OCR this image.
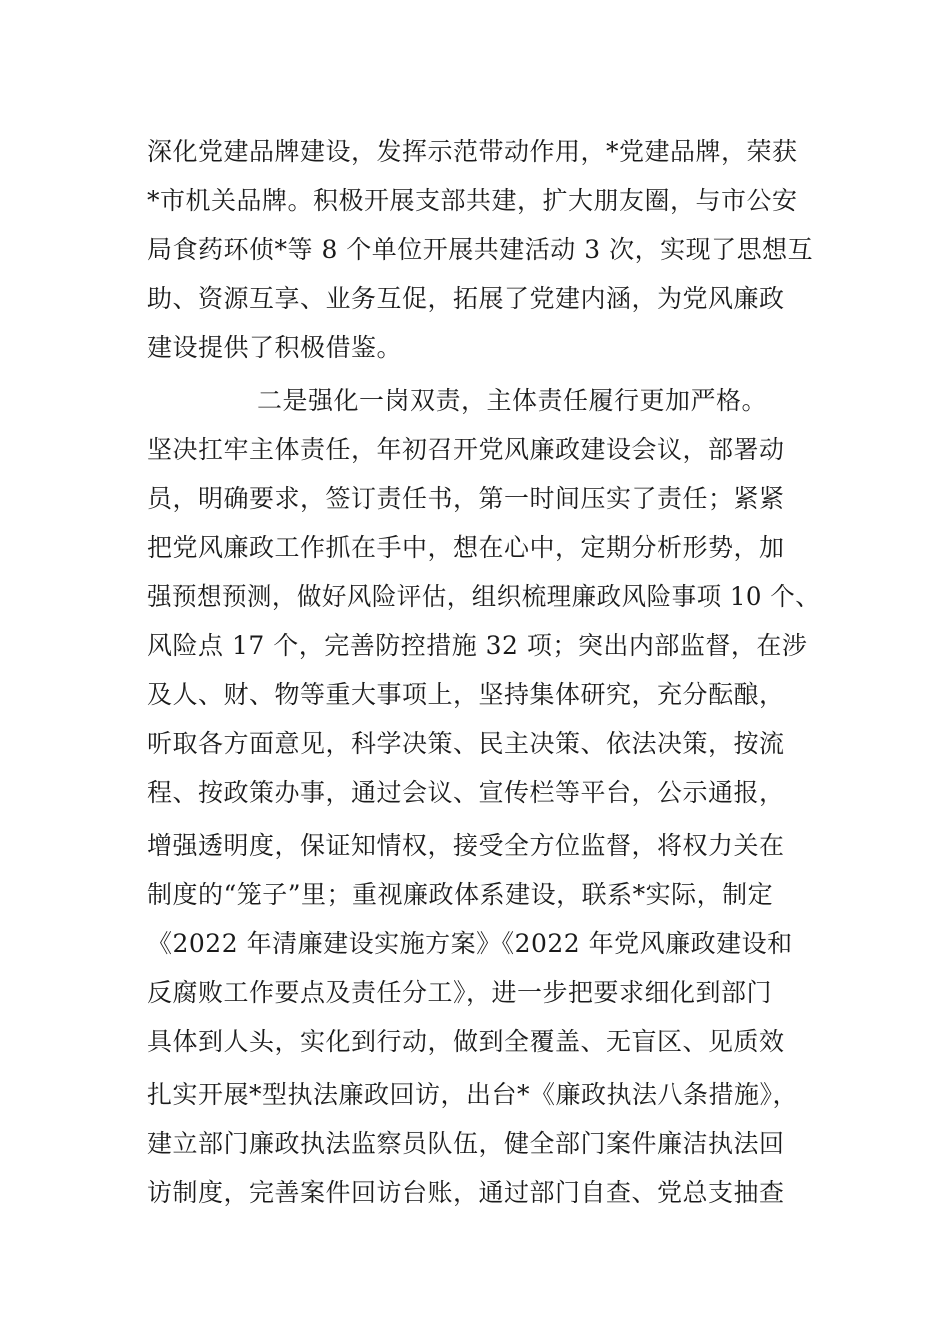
深化党建品牌建设，发挥示范带动作用，*党建品牌，荣获
*市机关品牌。积极开展支部共建，扩大朋友圈，与市公安
局食药环侦*等 8 个单位开展共建活动 3 次，实现了思想互
助、资源互享、业务互促，拓展了党建内涵，为党风廉政
建设提供了积极借鉴。
二是强化一岗双责，主体责任履行更加严格。
坚决扛牢主体责任，年初召开党风廉政建设会议，部署动
员，明确要求，签订责任书，第一时间压实了责任；紧紧
把党风廉政工作抓在手中，想在心中，定期分析形势，加
强预想预测，做好风险评估，组织梳理廉政风险事项 10 个、
风险点 17 个，完善防控措施 32 项；突出内部监督，在涉
及人、财、物等重大事项上，坚持集体研究，充分酝酿，
听取各方面意见，科学决策、民主决策、依法决策，按流
程、按政策办事，通过会议、宣传栏等平台，公示通报，
增强透明度，保证知情权，接受全方位监督，将权力关在
制度的“笼子”里；重视廉政体系建设，联系*实际，制定
《2022 年清廉建设实施方案》《2022 年党风廉政建设和
反腐败工作要点及责任分工》，进一步把要求细化到部门
具体到人头，实化到行动，做到全覆盖、无盲区、见质效
扎实开展*型执法廉政回访，出台*《廉政执法八条措施》，
建立部门廉政执法监察员队伍，健全部门案件廉洁执法回
访制度，完善案件回访台账，通过部门自查、党总支抽查
